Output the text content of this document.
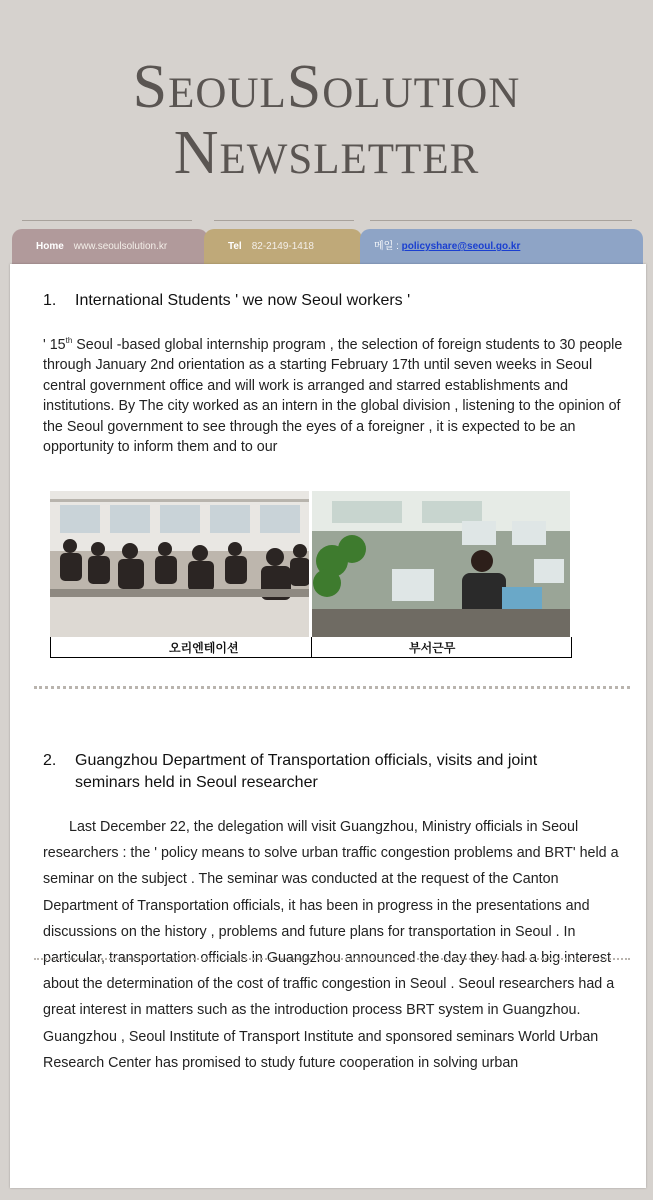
SeoulSolution
Newsletter
Home www.seoulsolution.kr	Tel 82-2149-1418	메일 : policyshare@seoul.go.kr
1. International Students ' we now Seoul workers '
' 15th Seoul -based global internship program , the selection of foreign students to 30 people through January 2nd orientation as a starting February 17th until seven weeks in Seoul central government office and will work is arranged and starred establishments and institutions. By The city worked as an intern in the global division , listening to the opinion of the Seoul government to see through the eyes of a foreigner , it is expected to be an opportunity to inform them and to our
오리엔테이션	부서근무
2. Guangzhou Department of Transportation officials, visits and joint seminars held in Seoul researcher
Last December 22, the delegation will visit Guangzhou, Ministry officials in Seoul researchers : the ' policy means to solve urban traffic congestion problems and BRT' held a seminar on the subject . The seminar was conducted at the request of the Canton Department of Transportation officials, it has been in progress in the presentations and discussions on the history , problems and future plans for transportation in Seoul . In particular, transportation officials in Guangzhou announced the day they had a big interest about the determination of the cost of traffic congestion in Seoul . Seoul researchers had a great interest in matters such as the introduction process BRT system in Guangzhou. Guangzhou , Seoul Institute of Transport Institute and sponsored seminars World Urban Research Center has promised to study future cooperation in solving urban
